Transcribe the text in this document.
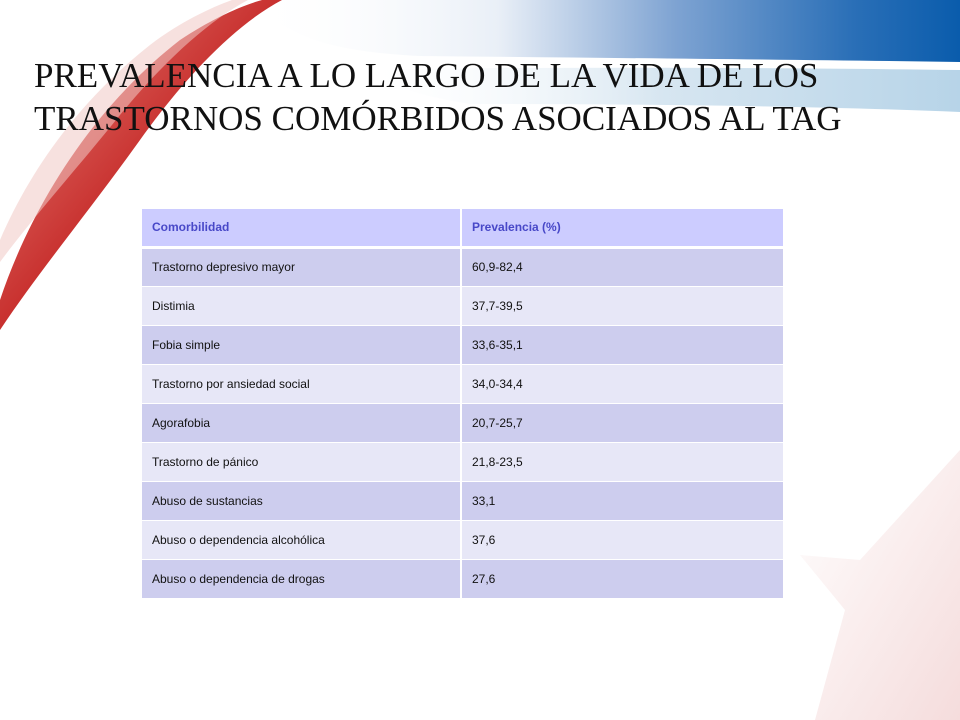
PREVALENCIA A LO LARGO DE LA VIDA DE LOS TRASTORNOS COMÓRBIDOS ASOCIADOS AL TAG
Comorbilidad	Prevalencia (%)
Trastorno depresivo mayor	60,9-82,4
Distimia	37,7-39,5
Fobia simple	33,6-35,1
Trastorno por ansiedad social	34,0-34,4
Agorafobia	20,7-25,7
Trastorno de pánico	21,8-23,5
Abuso de sustancias	33,1
Abuso o dependencia alcohólica	37,6
Abuso o dependencia de drogas	27,6
